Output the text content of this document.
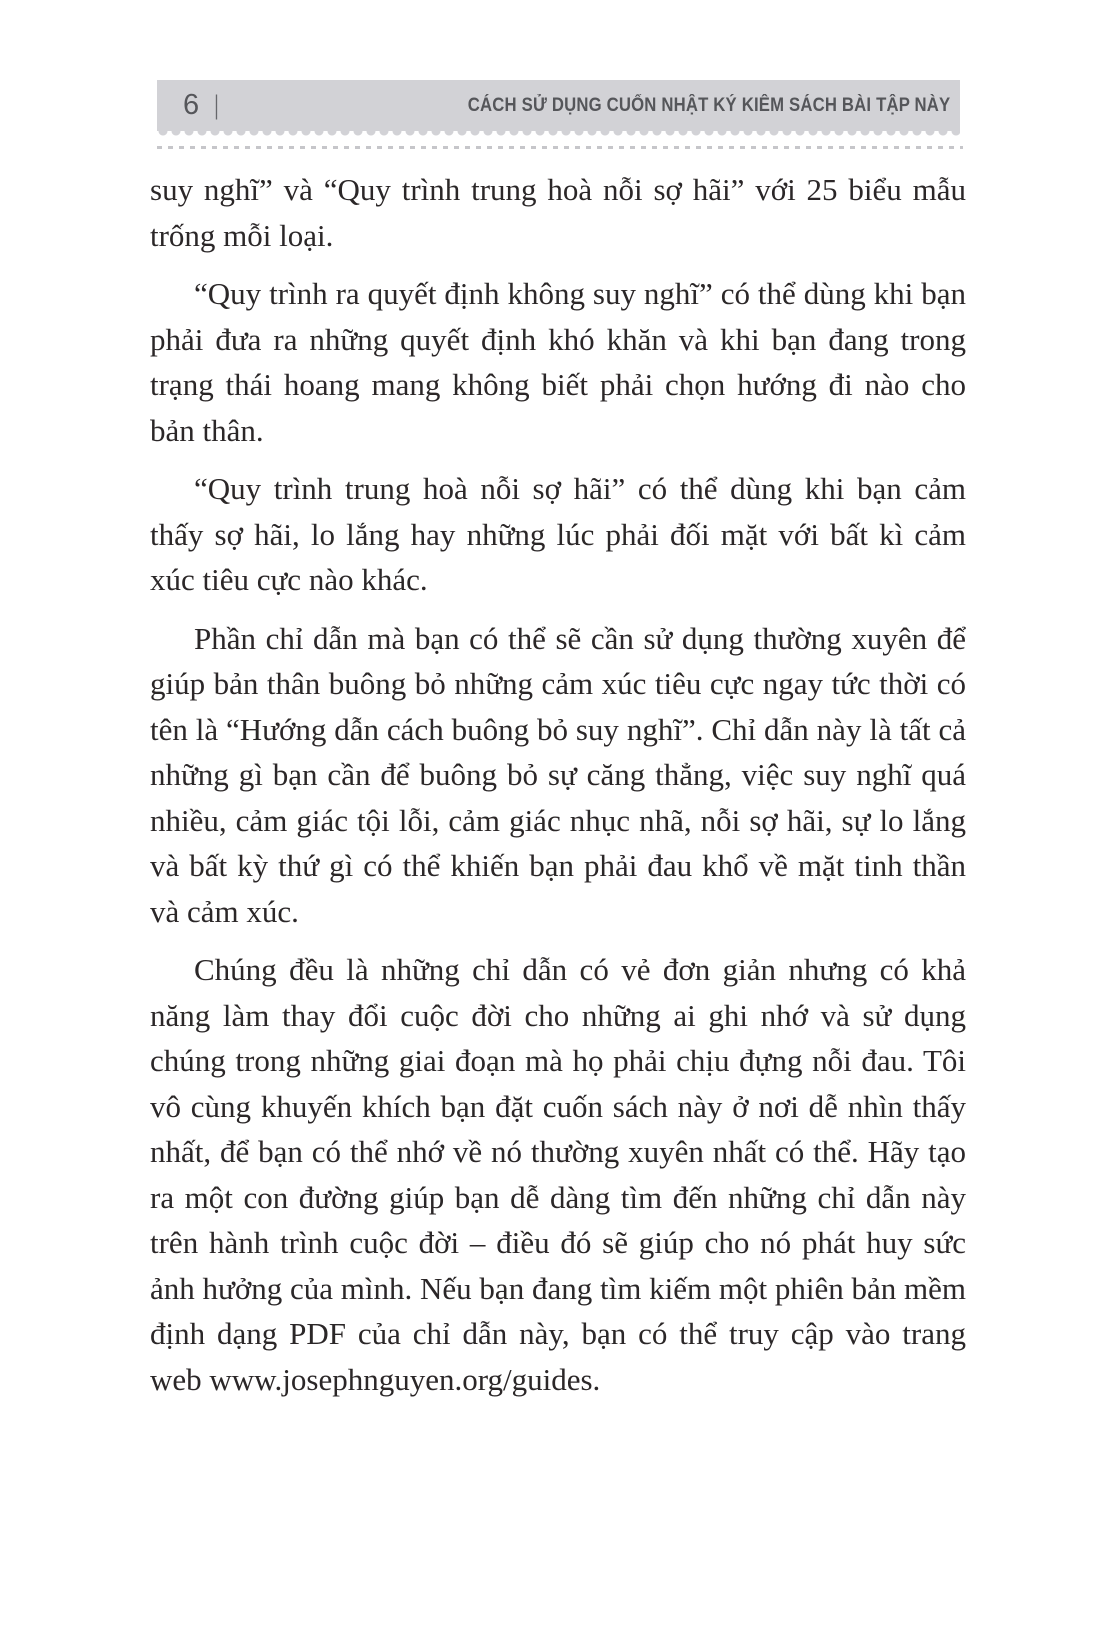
6 |	CÁCH SỬ DỤNG CUỐN NHẬT KÝ KIÊM SÁCH BÀI TẬP NÀY

suy nghĩ” và “Quy trình trung hoà nỗi sợ hãi” với 25 biểu mẫu trống mỗi loại.

“Quy trình ra quyết định không suy nghĩ” có thể dùng khi bạn phải đưa ra những quyết định khó khăn và khi bạn đang trong trạng thái hoang mang không biết phải chọn hướng đi nào cho bản thân.

“Quy trình trung hoà nỗi sợ hãi” có thể dùng khi bạn cảm thấy sợ hãi, lo lắng hay những lúc phải đối mặt với bất kì cảm xúc tiêu cực nào khác.

Phần chỉ dẫn mà bạn có thể sẽ cần sử dụng thường xuyên để giúp bản thân buông bỏ những cảm xúc tiêu cực ngay tức thời có tên là “Hướng dẫn cách buông bỏ suy nghĩ”. Chỉ dẫn này là tất cả những gì bạn cần để buông bỏ sự căng thẳng, việc suy nghĩ quá nhiều, cảm giác tội lỗi, cảm giác nhục nhã, nỗi sợ hãi, sự lo lắng và bất kỳ thứ gì có thể khiến bạn phải đau khổ về mặt tinh thần và cảm xúc.

Chúng đều là những chỉ dẫn có vẻ đơn giản nhưng có khả năng làm thay đổi cuộc đời cho những ai ghi nhớ và sử dụng chúng trong những giai đoạn mà họ phải chịu đựng nỗi đau. Tôi vô cùng khuyến khích bạn đặt cuốn sách này ở nơi dễ nhìn thấy nhất, để bạn có thể nhớ về nó thường xuyên nhất có thể. Hãy tạo ra một con đường giúp bạn dễ dàng tìm đến những chỉ dẫn này trên hành trình cuộc đời – điều đó sẽ giúp cho nó phát huy sức ảnh hưởng của mình. Nếu bạn đang tìm kiếm một phiên bản mềm định dạng PDF của chỉ dẫn này, bạn có thể truy cập vào trang web www.josephnguyen.org/guides.
